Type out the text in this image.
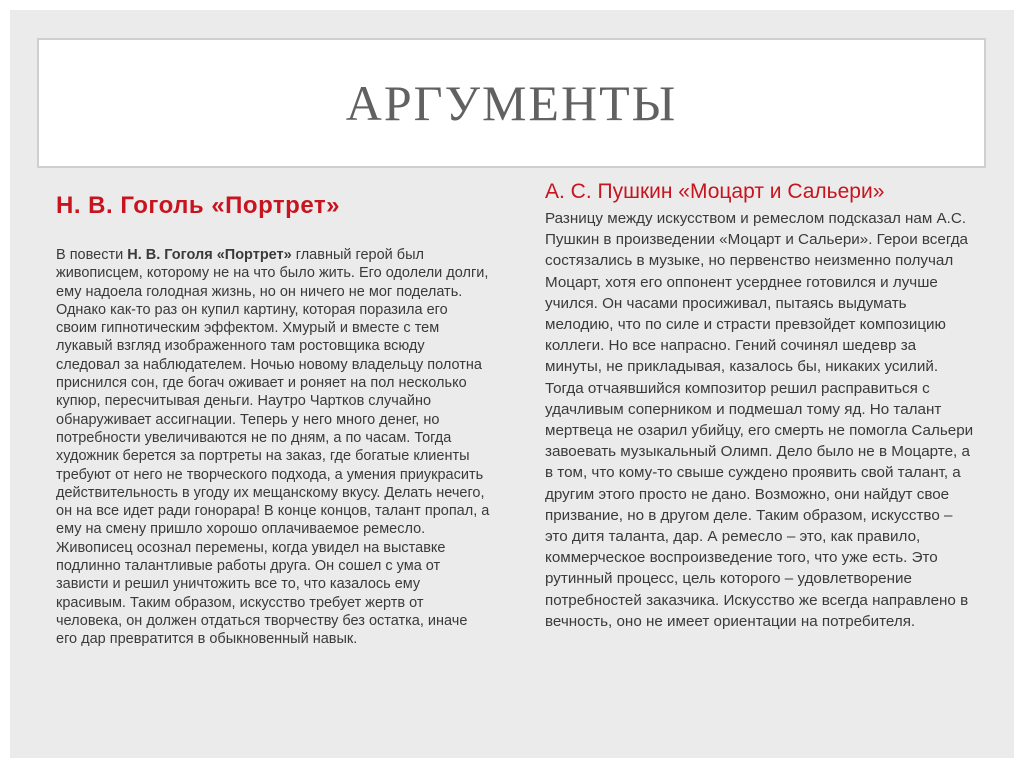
АРГУМЕНТЫ

Н. В. Гоголь «Портрет»

В повести Н. В. Гоголя «Портрет» главный герой был живописцем, которому не на что было жить. Его одолели долги, ему надоела голодная жизнь, но он ничего не мог поделать. Однако как-то раз он купил картину, которая поразила его своим гипнотическим эффектом. Хмурый и вместе с тем лукавый взгляд изображенного там ростовщика всюду следовал за наблюдателем. Ночью новому владельцу полотна приснился сон, где богач оживает и роняет на пол несколько купюр, пересчитывая деньги. Наутро Чартков случайно обнаруживает ассигнации. Теперь у него много денег, но потребности увеличиваются не по дням, а по часам. Тогда художник берется за портреты на заказ, где богатые клиенты требуют от него не творческого подхода, а умения приукрасить действительность в угоду их мещанскому вкусу. Делать нечего, он на все идет ради гонорара! В конце концов, талант пропал, а ему на смену пришло хорошо оплачиваемое ремесло. Живописец осознал перемены, когда увидел на выставке подлинно талантливые работы друга. Он сошел с ума от зависти и решил уничтожить все то, что казалось ему красивым. Таким образом, искусство требует жертв от человека, он должен отдаться творчеству без остатка, иначе его дар превратится в обыкновенный навык.

А. С. Пушкин «Моцарт и Сальери»

Разницу между искусством и ремеслом подсказал нам А.С. Пушкин в произведении «Моцарт и Сальери». Герои всегда состязались в музыке, но первенство неизменно получал Моцарт, хотя его оппонент усерднее готовился и лучше учился. Он часами просиживал, пытаясь выдумать мелодию, что по силе и страсти превзойдет композицию коллеги. Но все напрасно. Гений сочинял шедевр за минуты, не прикладывая, казалось бы, никаких усилий. Тогда отчаявшийся композитор решил расправиться с удачливым соперником и подмешал тому яд. Но талант мертвеца не озарил убийцу, его смерть не помогла Сальери завоевать музыкальный Олимп. Дело было не в Моцарте, а в том, что кому-то свыше суждено проявить свой талант, а другим этого просто не дано. Возможно, они найдут свое призвание, но в другом деле. Таким образом, искусство – это дитя таланта, дар. А ремесло – это, как правило, коммерческое воспроизведение того, что уже есть. Это рутинный процесс, цель которого – удовлетворение потребностей заказчика. Искусство же всегда направлено в вечность, оно не имеет ориентации на потребителя.
